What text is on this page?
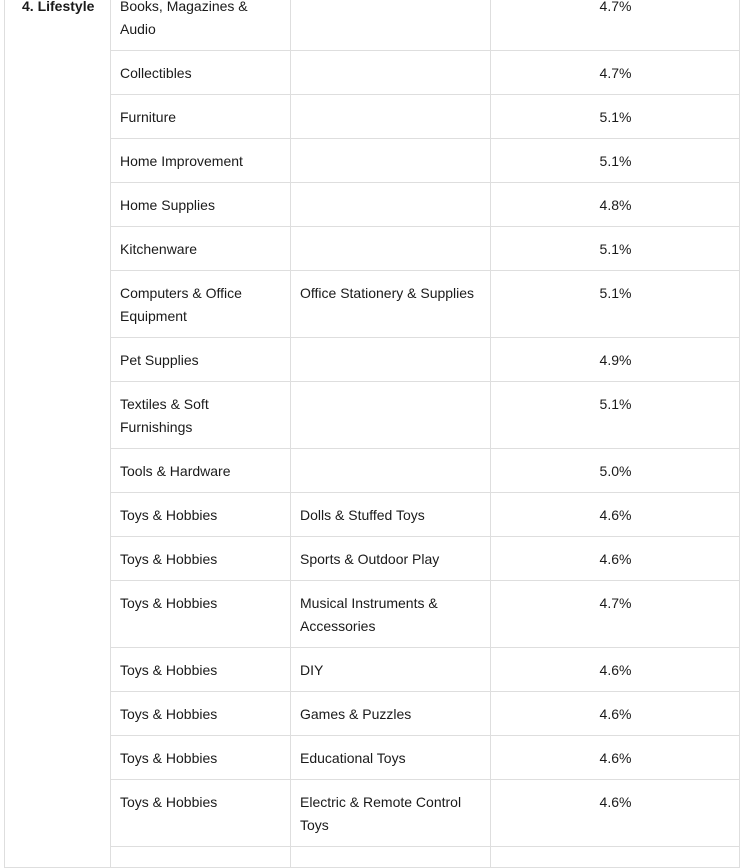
4. Lifestyle	Books, Magazines & Audio		4.7%
	Collectibles		4.7%
	Furniture		5.1%
	Home Improvement		5.1%
	Home Supplies		4.8%
	Kitchenware		5.1%
	Computers & Office Equipment	Office Stationery & Supplies	5.1%
	Pet Supplies		4.9%
	Textiles & Soft Furnishings		5.1%
	Tools & Hardware		5.0%
	Toys & Hobbies	Dolls & Stuffed Toys	4.6%
	Toys & Hobbies	Sports & Outdoor Play	4.6%
	Toys & Hobbies	Musical Instruments & Accessories	4.7%
	Toys & Hobbies	DIY	4.6%
	Toys & Hobbies	Games & Puzzles	4.6%
	Toys & Hobbies	Educational Toys	4.6%
	Toys & Hobbies	Electric & Remote Control Toys	4.6%
